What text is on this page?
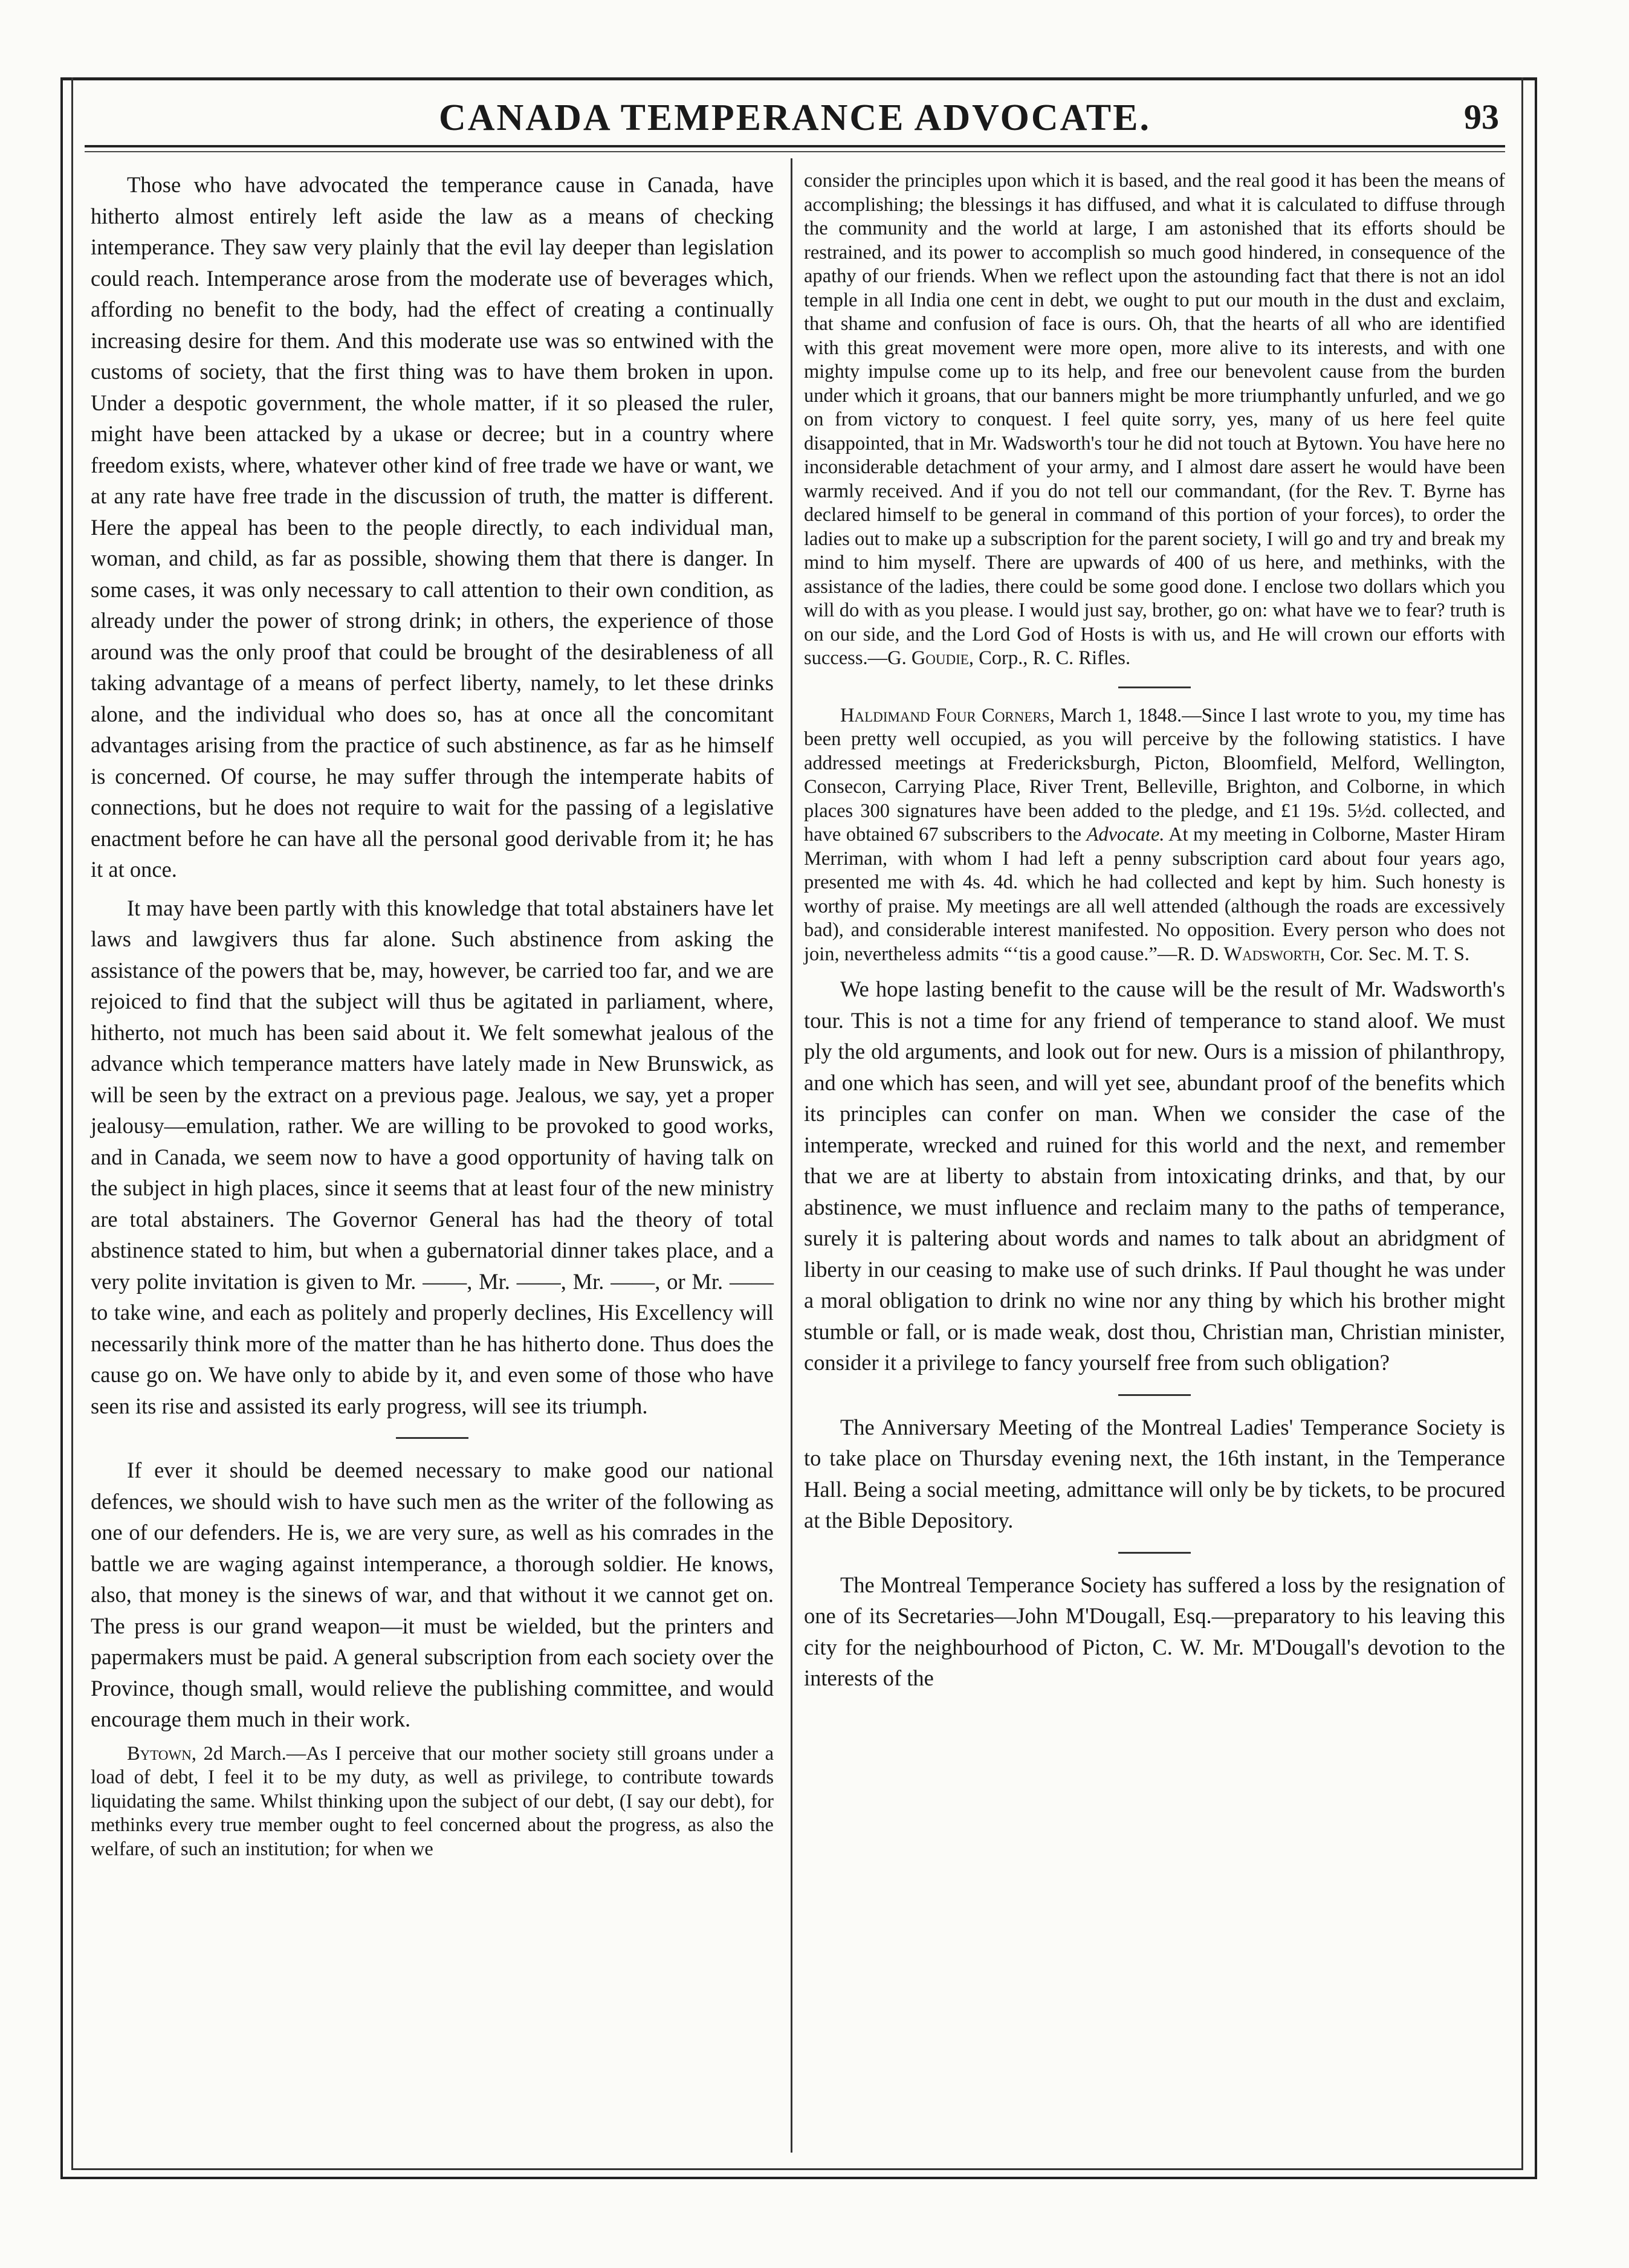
CANADA TEMPERANCE ADVOCATE.	93

Those who have advocated the temperance cause in Canada, have hitherto almost entirely left aside the law as a means of checking intemperance. They saw very plainly that the evil lay deeper than legislation could reach. Intemperance arose from the moderate use of beverages which, affording no benefit to the body, had the effect of creating a continually increasing desire for them. And this moderate use was so entwined with the customs of society, that the first thing was to have them broken in upon. Under a despotic government, the whole matter, if it so pleased the ruler, might have been attacked by a ukase or decree; but in a country where freedom exists, where, whatever other kind of free trade we have or want, we at any rate have free trade in the discussion of truth, the matter is different. Here the appeal has been to the people directly, to each individual man, woman, and child, as far as possible, showing them that there is danger. In some cases, it was only necessary to call attention to their own condition, as already under the power of strong drink; in others, the experience of those around was the only proof that could be brought of the desirableness of all taking advantage of a means of perfect liberty, namely, to let these drinks alone, and the individual who does so, has at once all the concomitant advantages arising from the practice of such abstinence, as far as he himself is concerned. Of course, he may suffer through the intemperate habits of connections, but he does not require to wait for the passing of a legislative enactment before he can have all the personal good derivable from it; he has it at once.

It may have been partly with this knowledge that total abstainers have let laws and lawgivers thus far alone. Such abstinence from asking the assistance of the powers that be, may, however, be carried too far, and we are rejoiced to find that the subject will thus be agitated in parliament, where, hitherto, not much has been said about it. We felt somewhat jealous of the advance which temperance matters have lately made in New Brunswick, as will be seen by the extract on a previous page. Jealous, we say, yet a proper jealousy—emulation, rather. We are willing to be provoked to good works, and in Canada, we seem now to have a good opportunity of having talk on the subject in high places, since it seems that at least four of the new ministry are total abstainers. The Governor General has had the theory of total abstinence stated to him, but when a gubernatorial dinner takes place, and a very polite invitation is given to Mr. ——, Mr. ——, Mr. ——, or Mr. —— to take wine, and each as politely and properly declines, His Excellency will necessarily think more of the matter than he has hitherto done. Thus does the cause go on. We have only to abide by it, and even some of those who have seen its rise and assisted its early progress, will see its triumph.

If ever it should be deemed necessary to make good our national defences, we should wish to have such men as the writer of the following as one of our defenders. He is, we are very sure, as well as his comrades in the battle we are waging against intemperance, a thorough soldier. He knows, also, that money is the sinews of war, and that without it we cannot get on. The press is our grand weapon—it must be wielded, but the printers and papermakers must be paid. A general subscription from each society over the Province, though small, would relieve the publishing committee, and would encourage them much in their work.

Bytown, 2d March.—As I perceive that our mother society still groans under a load of debt, I feel it to be my duty, as well as privilege, to contribute towards liquidating the same. Whilst thinking upon the subject of our debt, (I say our debt), for methinks every true member ought to feel concerned about the progress, as also the welfare, of such an institution; for when we

consider the principles upon which it is based, and the real good it has been the means of accomplishing; the blessings it has diffused, and what it is calculated to diffuse through the community and the world at large, I am astonished that its efforts should be restrained, and its power to accomplish so much good hindered, in consequence of the apathy of our friends. When we reflect upon the astounding fact that there is not an idol temple in all India one cent in debt, we ought to put our mouth in the dust and exclaim, that shame and confusion of face is ours. Oh, that the hearts of all who are identified with this great movement were more open, more alive to its interests, and with one mighty impulse come up to its help, and free our benevolent cause from the burden under which it groans, that our banners might be more triumphantly unfurled, and we go on from victory to conquest. I feel quite sorry, yes, many of us here feel quite disappointed, that in Mr. Wadsworth's tour he did not touch at Bytown. You have here no inconsiderable detachment of your army, and I almost dare assert he would have been warmly received. And if you do not tell our commandant, (for the Rev. T. Byrne has declared himself to be general in command of this portion of your forces), to order the ladies out to make up a subscription for the parent society, I will go and try and break my mind to him myself. There are upwards of 400 of us here, and methinks, with the assistance of the ladies, there could be some good done. I enclose two dollars which you will do with as you please. I would just say, brother, go on: what have we to fear? truth is on our side, and the Lord God of Hosts is with us, and He will crown our efforts with success.—G. Goudie, Corp., R. C. Rifles.

Haldimand Four Corners, March 1, 1848.—Since I last wrote to you, my time has been pretty well occupied, as you will perceive by the following statistics. I have addressed meetings at Fredericksburgh, Picton, Bloomfield, Melford, Wellington, Consecon, Carrying Place, River Trent, Belleville, Brighton, and Colborne, in which places 300 signatures have been added to the pledge, and £1 19s. 5½d. collected, and have obtained 67 subscribers to the Advocate. At my meeting in Colborne, Master Hiram Merriman, with whom I had left a penny subscription card about four years ago, presented me with 4s. 4d. which he had collected and kept by him. Such honesty is worthy of praise. My meetings are all well attended (although the roads are excessively bad), and considerable interest manifested. No opposition. Every person who does not join, nevertheless admits “‘tis a good cause.”—R. D. Wadsworth, Cor. Sec. M. T. S.

We hope lasting benefit to the cause will be the result of Mr. Wadsworth's tour. This is not a time for any friend of temperance to stand aloof. We must ply the old arguments, and look out for new. Ours is a mission of philanthropy, and one which has seen, and will yet see, abundant proof of the benefits which its principles can confer on man. When we consider the case of the intemperate, wrecked and ruined for this world and the next, and remember that we are at liberty to abstain from intoxicating drinks, and that, by our abstinence, we must influence and reclaim many to the paths of temperance, surely it is paltering about words and names to talk about an abridgment of liberty in our ceasing to make use of such drinks. If Paul thought he was under a moral obligation to drink no wine nor any thing by which his brother might stumble or fall, or is made weak, dost thou, Christian man, Christian minister, consider it a privilege to fancy yourself free from such obligation?

The Anniversary Meeting of the Montreal Ladies' Temperance Society is to take place on Thursday evening next, the 16th instant, in the Temperance Hall. Being a social meeting, admittance will only be by tickets, to be procured at the Bible Depository.

The Montreal Temperance Society has suffered a loss by the resignation of one of its Secretaries—John M'Dougall, Esq.—preparatory to his leaving this city for the neighbourhood of Picton, C. W. Mr. M'Dougall's devotion to the interests of the
